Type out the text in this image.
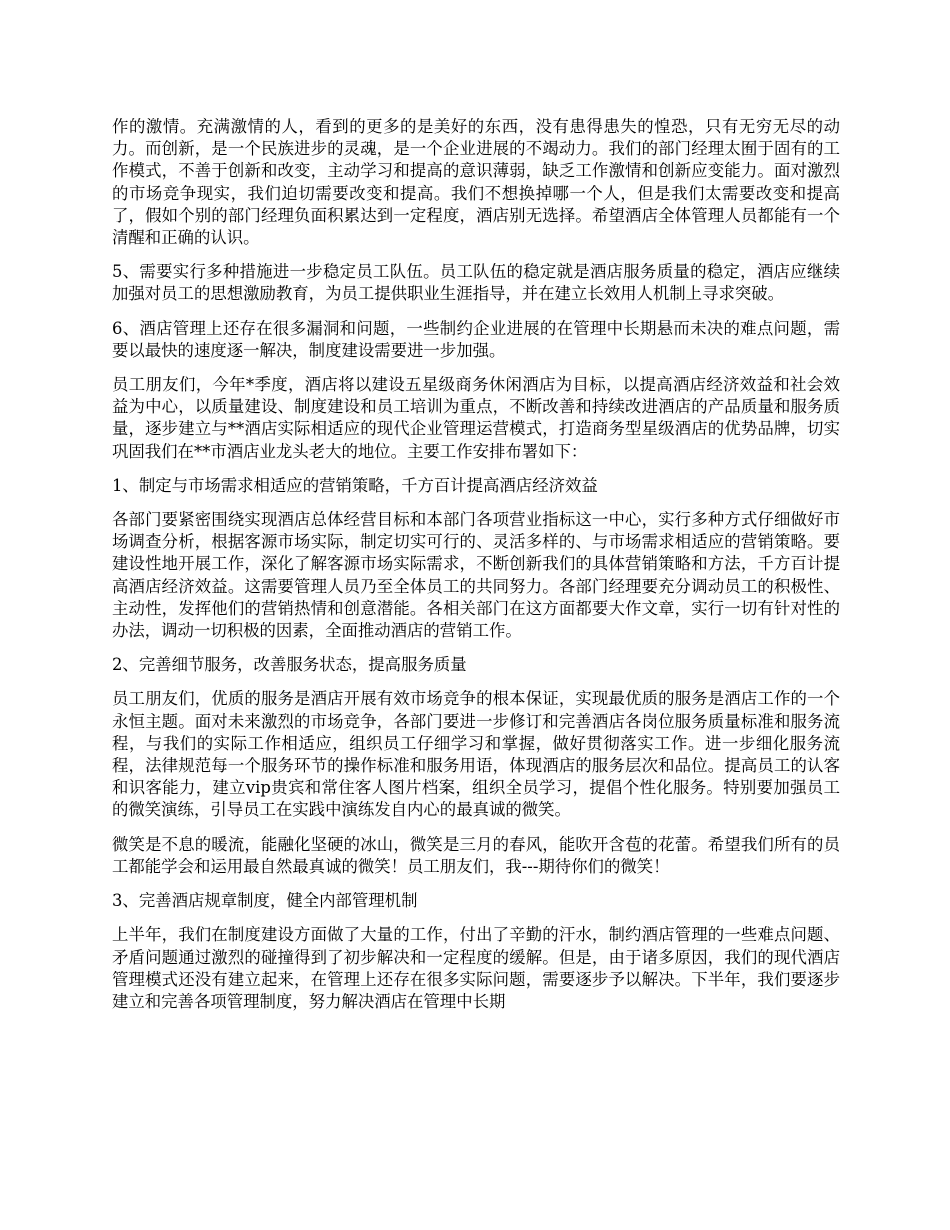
作的激情。充满激情的人，看到的更多的是美好的东西，没有患得患失的惶恐，只有无穷无尽的动力。而创新，是一个民族进步的灵魂，是一个企业进展的不竭动力。我们的部门经理太囿于固有的工作模式，不善于创新和改变，主动学习和提高的意识薄弱，缺乏工作激情和创新应变能力。面对激烈的市场竞争现实，我们迫切需要改变和提高。我们不想换掉哪一个人，但是我们太需要改变和提高了，假如个别的部门经理负面积累达到一定程度，酒店别无选择。希望酒店全体管理人员都能有一个清醒和正确的认识。

5、需要实行多种措施进一步稳定员工队伍。员工队伍的稳定就是酒店服务质量的稳定，酒店应继续加强对员工的思想激励教育，为员工提供职业生涯指导，并在建立长效用人机制上寻求突破。

6、酒店管理上还存在很多漏洞和问题，一些制约企业进展的在管理中长期悬而未决的难点问题，需要以最快的速度逐一解决，制度建设需要进一步加强。

员工朋友们，今年*季度，酒店将以建设五星级商务休闲酒店为目标，以提高酒店经济效益和社会效益为中心，以质量建设、制度建设和员工培训为重点，不断改善和持续改进酒店的产品质量和服务质量，逐步建立与**酒店实际相适应的现代企业管理运营模式，打造商务型星级酒店的优势品牌，切实巩固我们在**市酒店业龙头老大的地位。主要工作安排布署如下：

1、制定与市场需求相适应的营销策略，千方百计提高酒店经济效益

各部门要紧密围绕实现酒店总体经营目标和本部门各项营业指标这一中心，实行多种方式仔细做好市场调查分析，根据客源市场实际，制定切实可行的、灵活多样的、与市场需求相适应的营销策略。要建设性地开展工作，深化了解客源市场实际需求，不断创新我们的具体营销策略和方法，千方百计提高酒店经济效益。这需要管理人员乃至全体员工的共同努力。各部门经理要充分调动员工的积极性、主动性，发挥他们的营销热情和创意潜能。各相关部门在这方面都要大作文章，实行一切有针对性的办法，调动一切积极的因素，全面推动酒店的营销工作。

2、完善细节服务，改善服务状态，提高服务质量

员工朋友们，优质的服务是酒店开展有效市场竞争的根本保证，实现最优质的服务是酒店工作的一个永恒主题。面对未来激烈的市场竞争，各部门要进一步修订和完善酒店各岗位服务质量标准和服务流程，与我们的实际工作相适应，组织员工仔细学习和掌握，做好贯彻落实工作。进一步细化服务流程，法律规范每一个服务环节的操作标准和服务用语，体现酒店的服务层次和品位。提高员工的认客和识客能力，建立vip贵宾和常住客人图片档案，组织全员学习，提倡个性化服务。特别要加强员工的微笑演练，引导员工在实践中演练发自内心的最真诚的微笑。

微笑是不息的暖流，能融化坚硬的冰山，微笑是三月的春风，能吹开含苞的花蕾。希望我们所有的员工都能学会和运用最自然最真诚的微笑！员工朋友们，我---期待你们的微笑！

3、完善酒店规章制度，健全内部管理机制

上半年，我们在制度建设方面做了大量的工作，付出了辛勤的汗水，制约酒店管理的一些难点问题、矛盾问题通过激烈的碰撞得到了初步解决和一定程度的缓解。但是，由于诸多原因，我们的现代酒店管理模式还没有建立起来，在管理上还存在很多实际问题，需要逐步予以解决。下半年，我们要逐步建立和完善各项管理制度，努力解决酒店在管理中长期
